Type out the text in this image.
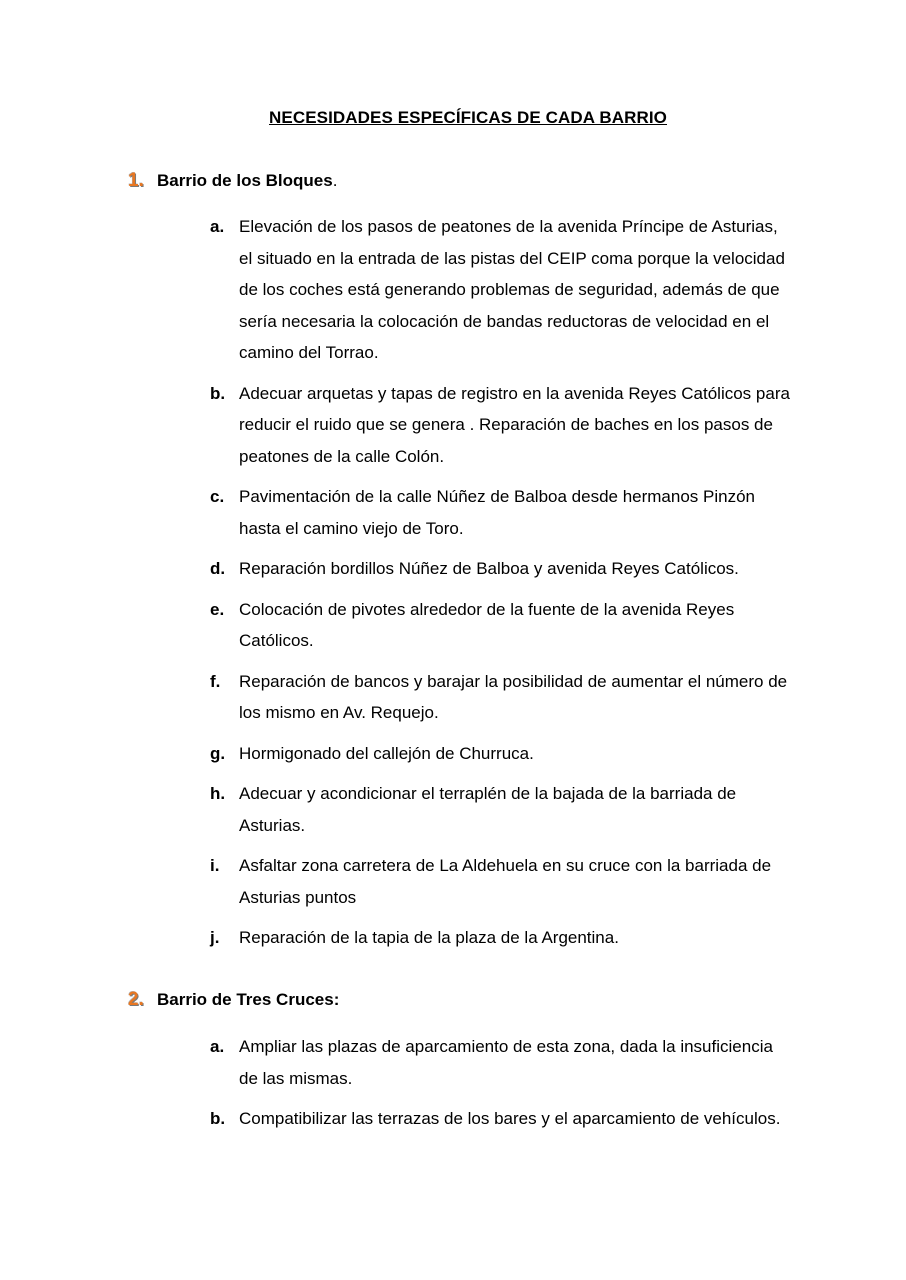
NECESIDADES ESPECÍFICAS DE CADA BARRIO
1. Barrio de los Bloques .
a. Elevación de los pasos de peatones de la avenida Príncipe de Asturias, el situado en la entrada de las pistas del CEIP coma porque la velocidad de los coches está generando problemas de seguridad, además de que sería necesaria la colocación de bandas reductoras de velocidad en el camino del Torrao.
b. Adecuar arquetas y tapas de registro en la avenida Reyes Católicos para reducir el ruido que se genera . Reparación de baches en los pasos de peatones de la calle Colón.
c. Pavimentación de la calle Núñez de Balboa desde hermanos Pinzón hasta el camino viejo de Toro.
d. Reparación bordillos Núñez de Balboa y avenida Reyes Católicos.
e. Colocación de pivotes alrededor de la fuente de la avenida Reyes Católicos.
f.	Reparación de bancos y barajar la posibilidad de aumentar el número de los mismo en Av. Requejo.
g. Hormigonado del callejón de Churruca.
h. Adecuar y acondicionar el terraplén de la bajada de la barriada de Asturias.
i.	Asfaltar zona carretera de La Aldehuela en su cruce con la barriada de Asturias puntos
j.	Reparación de la tapia de la plaza de la Argentina.
2. Barrio de Tres Cruces:
a. Ampliar las plazas de aparcamiento de esta zona, dada la insuficiencia de las mismas.
b. Compatibilizar las terrazas de los bares y el aparcamiento de vehículos.
